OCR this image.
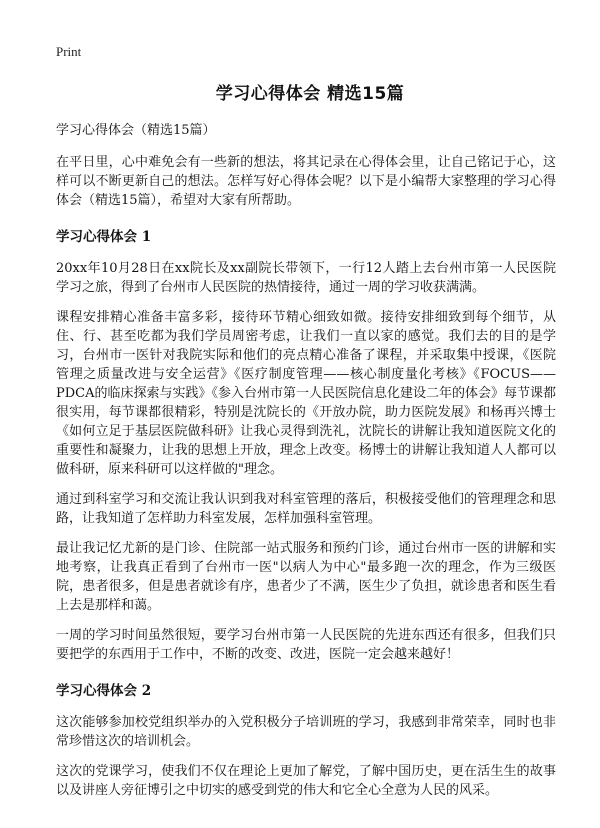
Print
学习心得体会 精选15篇
学习心得体会（精选15篇）

在平日里，心中难免会有一些新的想法，将其记录在心得体会里，让自己铭记于心，这样可以不断更新自己的想法。怎样写好心得体会呢？以下是小编帮大家整理的学习心得体会（精选15篇），希望对大家有所帮助。

学习心得体会 1

20xx年10月28日在xx院长及xx副院长带领下，一行12人踏上去台州市第一人民医院学习之旅，得到了台州市人民医院的热情接待，通过一周的学习收获满满。

课程安排精心准备丰富多彩，接待环节精心细致如微。接待安排细致到每个细节，从住、行、甚至吃都为我们学员周密考虑，让我们一直以家的感觉。我们去的目的是学习，台州市一医针对我院实际和他们的亮点精心准备了课程，并采取集中授课，《医院管理之质量改进与安全运营》《医疗制度管理——核心制度量化考核》《FOCUS——PDCA的临床探索与实践》《参入台州市第一人民医院信息化建设二年的体会》每节课都很实用，每节课都很精彩，特别是沈院长的《开放办院，助力医院发展》和杨再兴博士《如何立足于基层医院做科研》让我心灵得到洗礼，沈院长的讲解让我知道医院文化的重要性和凝聚力，让我的思想上开放，理念上改变。杨博士的讲解让我知道人人都可以做科研，原来科研可以这样做的"理念。

通过到科室学习和交流让我认识到我对科室管理的落后，积极接受他们的管理理念和思路，让我知道了怎样助力科室发展，怎样加强科室管理。

最让我记忆尤新的是门诊、住院部一站式服务和预约门诊，通过台州市一医的讲解和实地考察，让我真正看到了台州市一医"以病人为中心"最多跑一次的理念，作为三级医院，患者很多，但是患者就诊有序，患者少了不满，医生少了负担，就诊患者和医生看上去是那样和蔼。

一周的学习时间虽然很短，要学习台州市第一人民医院的先进东西还有很多，但我们只要把学的东西用于工作中，不断的改变、改进，医院一定会越来越好！

学习心得体会 2

这次能够参加校党组织举办的入党积极分子培训班的学习，我感到非常荣幸，同时也非常珍惜这次的培训机会。

这次的党课学习，使我们不仅在理论上更加了解党，了解中国历史，更在活生生的故事以及讲座人旁征博引之中切实的感受到党的伟大和它全心全意为人民的风采。
